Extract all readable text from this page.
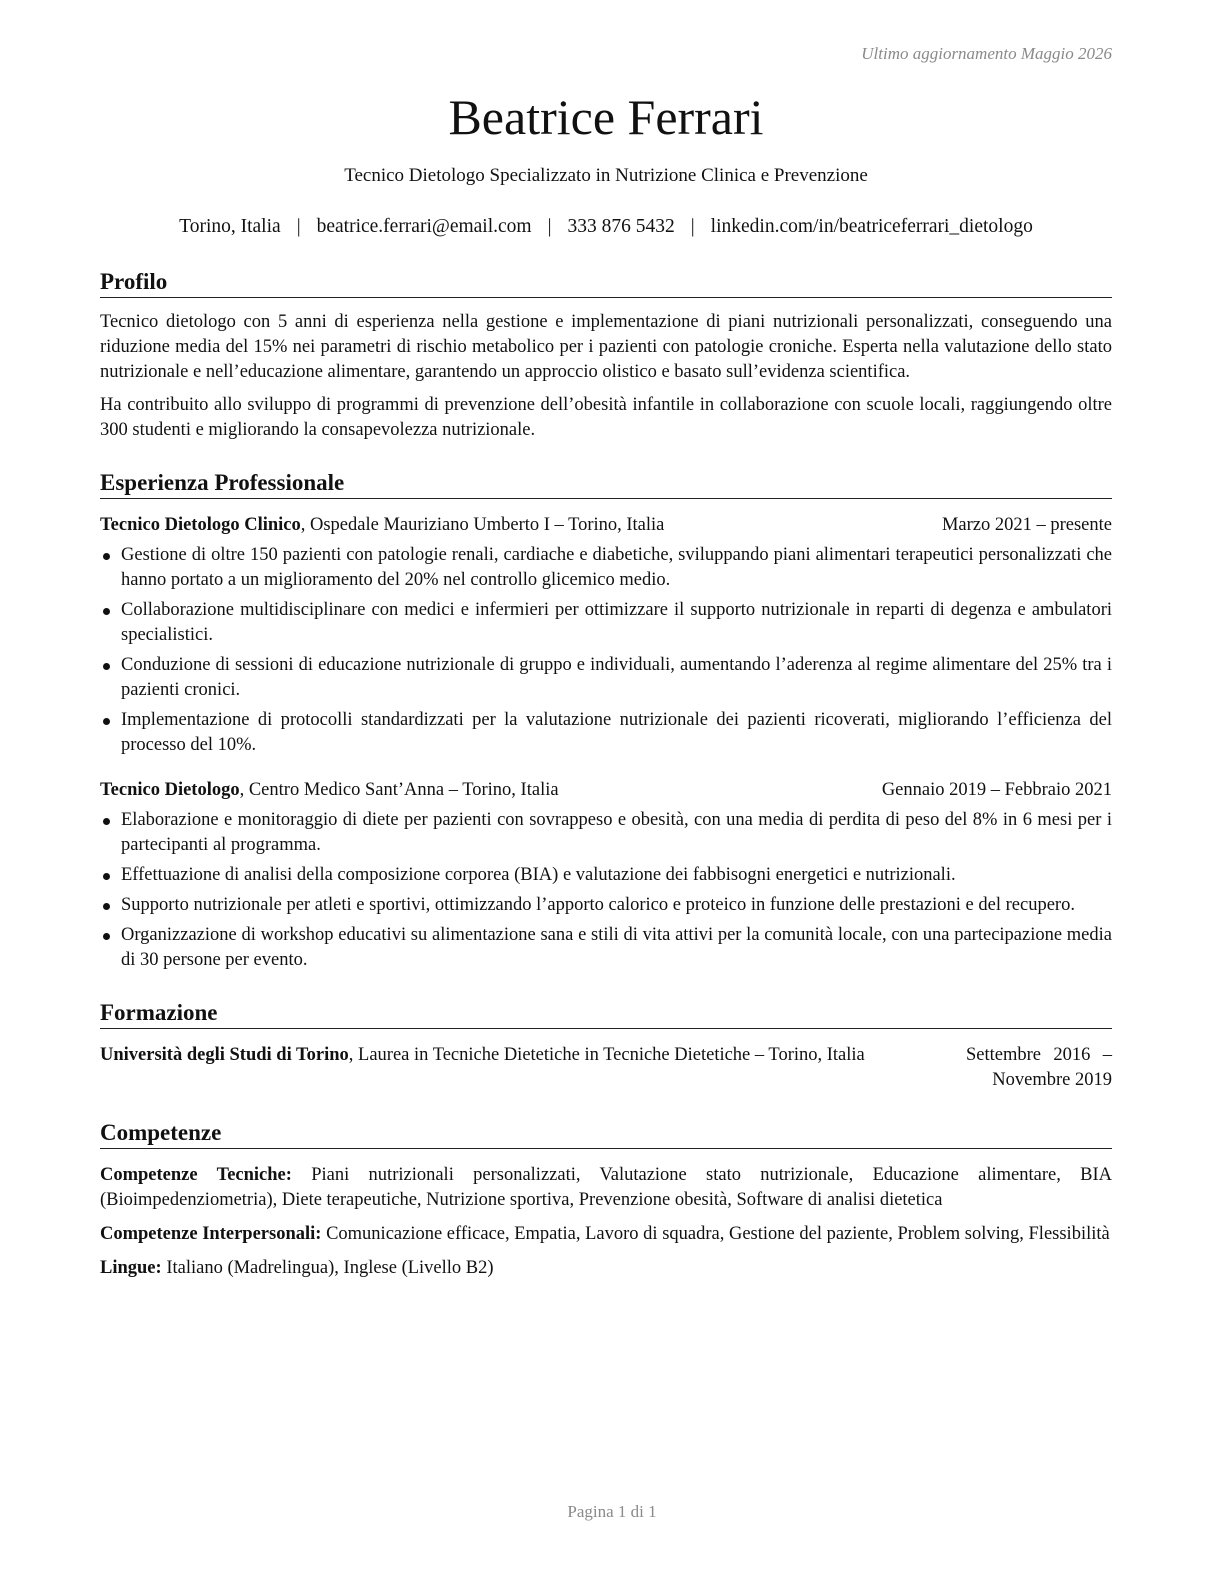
Ultimo aggiornamento Maggio 2026
Beatrice Ferrari
Tecnico Dietologo Specializzato in Nutrizione Clinica e Prevenzione
Torino, Italia | beatrice.ferrari@email.com | 333 876 5432 | linkedin.com/in/beatriceferrari_dietologo
Profilo

Tecnico dietologo con 5 anni di esperienza nella gestione e implementazione di piani nutrizionali personalizzati, conseguendo una riduzione media del 15% nei parametri di rischio metabolico per i pazienti con patologie croniche. Esperta nella valutazione dello stato nutrizionale e nell’educazione alimentare, garantendo un approccio olistico e basato sull’evidenza scientifica.

Ha contribuito allo sviluppo di programmi di prevenzione dell’obesità infantile in collaborazione con scuole locali, raggiungendo oltre 300 studenti e migliorando la consapevolezza nutrizionale.

Esperienza Professionale
Tecnico Dietologo Clinico, Ospedale Mauriziano Umberto I – Torino, Italia	Marzo 2021 – presente
Gestione di oltre 150 pazienti con patologie renali, cardiache e diabetiche, sviluppando piani alimentari terapeutici personalizzati che hanno portato a un miglioramento del 20% nel controllo glicemico medio.
Collaborazione multidisciplinare con medici e infermieri per ottimizzare il supporto nutrizionale in reparti di degenza e ambulatori specialistici.
Conduzione di sessioni di educazione nutrizionale di gruppo e individuali, aumentando l’aderenza al regime alimentare del 25% tra i pazienti cronici.
Implementazione di protocolli standardizzati per la valutazione nutrizionale dei pazienti ricoverati, migliorando l’efficienza del processo del 10%.
Tecnico Dietologo, Centro Medico Sant’Anna – Torino, Italia	Gennaio 2019 – Febbraio 2021
Elaborazione e monitoraggio di diete per pazienti con sovrappeso e obesità, con una media di perdita di peso del 8% in 6 mesi per i partecipanti al programma.
Effettuazione di analisi della composizione corporea (BIA) e valutazione dei fabbisogni energetici e nutrizionali.
Supporto nutrizionale per atleti e sportivi, ottimizzando l’apporto calorico e proteico in funzione delle prestazioni e del recupero.
Organizzazione di workshop educativi su alimentazione sana e stili di vita attivi per la comunità locale, con una partecipazione media di 30 persone per evento.
Formazione
Università degli Studi di Torino, Laurea in Tecniche Dietetiche in Tecniche Dietetiche – Torino, Italia	Settembre 2016 – Novembre 2019
Competenze

Competenze Tecniche: Piani nutrizionali personalizzati, Valutazione stato nutrizionale, Educazione alimentare, BIA (Bioimpedenziometria), Diete terapeutiche, Nutrizione sportiva, Prevenzione obesità, Software di analisi dietetica

Competenze Interpersonali: Comunicazione efficace, Empatia, Lavoro di squadra, Gestione del paziente, Problem solving, Flessibilità

Lingue: Italiano (Madrelingua), Inglese (Livello B2)

Pagina 1 di 1
